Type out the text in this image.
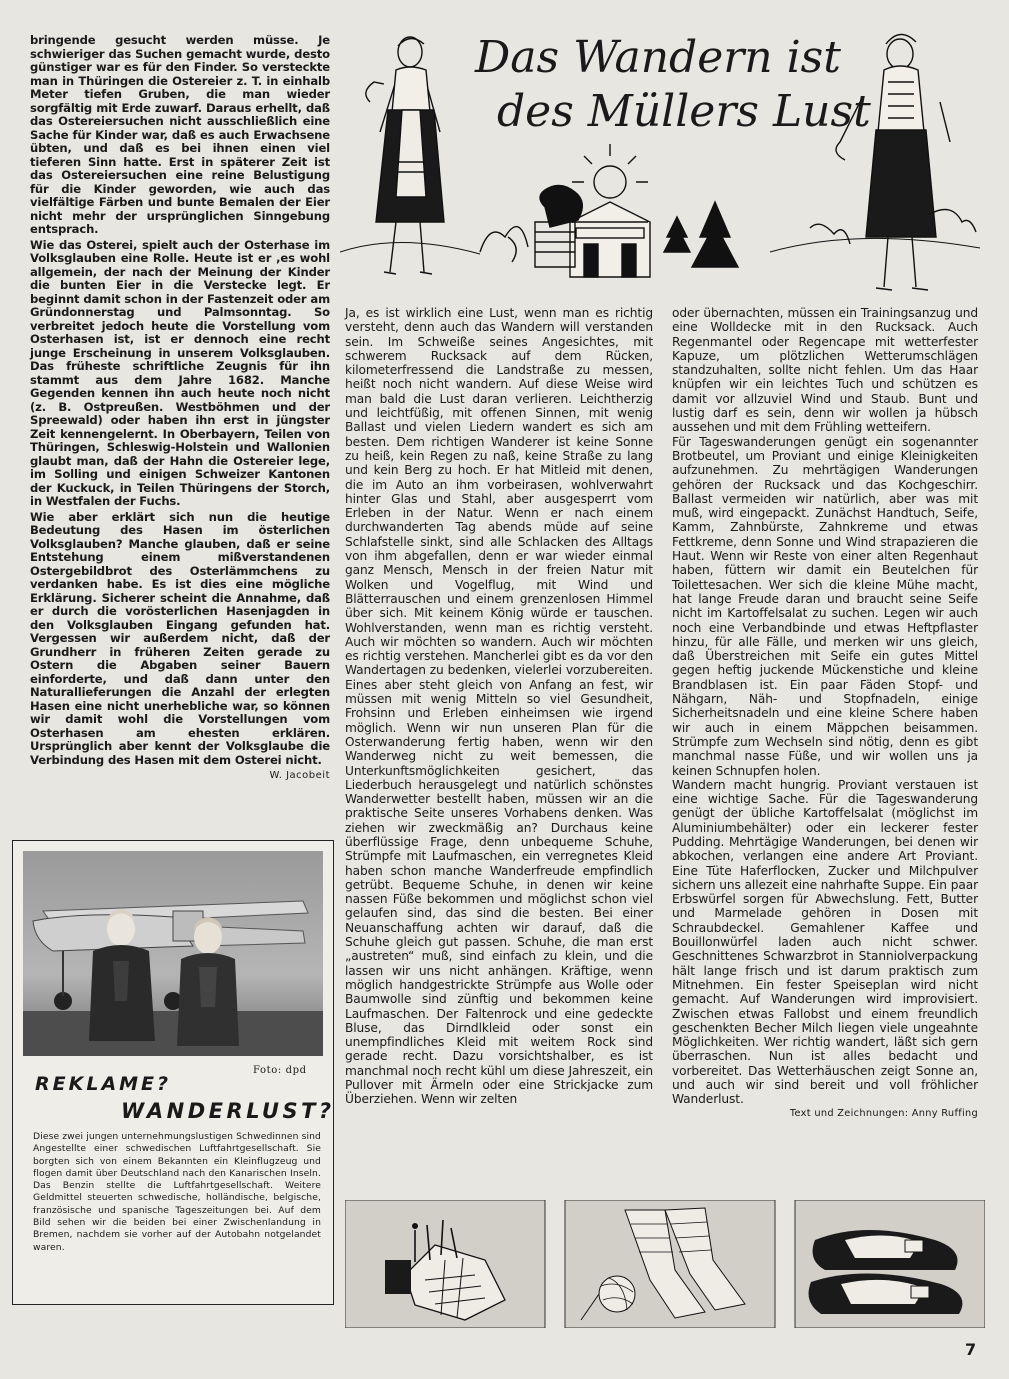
bringende gesucht werden müsse. Je schwieriger das Suchen gemacht wurde, desto günstiger war es für den Finder. So versteckte man in Thüringen die Ostereier z. T. in einhalb Meter tiefen Gruben, die man wieder sorgfältig mit Erde zuwarf. Daraus erhellt, daß das Ostereiersuchen nicht ausschließlich eine Sache für Kinder war, daß es auch Erwachsene übten, und daß es bei ihnen einen viel tieferen Sinn hatte. Erst in späterer Zeit ist das Ostereiersuchen eine reine Belustigung für die Kinder geworden, wie auch das vielfältige Färben und bunte Bemalen der Eier nicht mehr der ursprünglichen Sinngebung entsprach.

Wie das Osterei, spielt auch der Osterhase im Volksglauben eine Rolle. Heute ist er ,es wohl allgemein, der nach der Meinung der Kinder die bunten Eier in die Verstecke legt. Er beginnt damit schon in der Fastenzeit oder am Gründonnerstag und Palmsonntag. So verbreitet jedoch heute die Vorstellung vom Osterhasen ist, ist er dennoch eine recht junge Erscheinung in unserem Volksglauben. Das früheste schriftliche Zeugnis für ihn stammt aus dem Jahre 1682. Manche Gegenden kennen ihn auch heute noch nicht (z. B. Ostpreußen. Westböhmen und der Spreewald) oder haben ihn erst in jüngster Zeit kennengelernt. In Oberbayern, Teilen von Thüringen, Schleswig-Holstein und Wallonien glaubt man, daß der Hahn die Ostereier lege, im Solling und einigen Schweizer Kantonen der Kuckuck, in Teilen Thüringens der Storch, in Westfalen der Fuchs.

Wie aber erklärt sich nun die heutige Bedeutung des Hasen im österlichen Volksglauben? Manche glauben, daß er seine Entstehung einem mißverstandenen Ostergebildbrot des Osterlämmchens zu verdanken habe. Es ist dies eine mögliche Erklärung. Sicherer scheint die Annahme, daß er durch die vorösterlichen Hasenjagden in den Volksglauben Eingang gefunden hat. Vergessen wir außerdem nicht, daß der Grundherr in früheren Zeiten gerade zu Ostern die Abgaben seiner Bauern einforderte, und daß dann unter den Naturallieferungen die Anzahl der erlegten Hasen eine nicht unerhebliche war, so können wir damit wohl die Vorstellungen vom Osterhasen am ehesten erklären. Ursprünglich aber kennt der Volksglaube die Verbindung des Hasen mit dem Osterei nicht.

W. Jacobeit
Foto: dpd
REKLAME?
WANDERLUST?
Diese zwei jungen unternehmungslustigen Schwedinnen sind Angestellte einer schwedischen Luftfahrtgesellschaft. Sie borgten sich von einem Bekannten ein Kleinflugzeug und flogen damit über Deutschland nach den Kanarischen Inseln. Das Benzin stellte die Luftfahrtgesellschaft. Weitere Geldmittel steuerten schwedische, holländische, belgische, französische und spanische Tageszeitungen bei. Auf dem Bild sehen wir die beiden bei einer Zwischenlandung in Bremen, nachdem sie vorher auf der Autobahn notgelandet waren.
Das Wandern ist
des Müllers Lust

Ja, es ist wirklich eine Lust, wenn man es richtig versteht, denn auch das Wandern will verstanden sein. Im Schweiße seines Angesichtes, mit schwerem Rucksack auf dem Rücken, kilometerfressend die Landstraße zu messen, heißt noch nicht wandern. Auf diese Weise wird man bald die Lust daran verlieren. Leichtherzig und leichtfüßig, mit offenen Sinnen, mit wenig Ballast und vielen Liedern wandert es sich am besten. Dem richtigen Wanderer ist keine Sonne zu heiß, kein Regen zu naß, keine Straße zu lang und kein Berg zu hoch. Er hat Mitleid mit denen, die im Auto an ihm vorbeirasen, wohlverwahrt hinter Glas und Stahl, aber ausgesperrt vom Erleben in der Natur. Wenn er nach einem durchwanderten Tag abends müde auf seine Schlafstelle sinkt, sind alle Schlacken des Alltags von ihm abgefallen, denn er war wieder einmal ganz Mensch, Mensch in der freien Natur mit Wolken und Vogelflug, mit Wind und Blätterrauschen und einem grenzenlosen Himmel über sich. Mit keinem König würde er tauschen. Wohlverstanden, wenn man es richtig versteht. Auch wir möchten so wandern. Auch wir möchten es richtig verstehen. Mancherlei gibt es da vor den Wandertagen zu bedenken, vielerlei vorzubereiten. Eines aber steht gleich von Anfang an fest, wir müssen mit wenig Mitteln so viel Gesundheit, Frohsinn und Erleben einheimsen wie irgend möglich. Wenn wir nun unseren Plan für die Osterwanderung fertig haben, wenn wir den Wanderweg nicht zu weit bemessen, die Unterkunftsmöglichkeiten gesichert, das Liederbuch herausgelegt und natürlich schönstes Wanderwetter bestellt haben, müssen wir an die praktische Seite unseres Vorhabens denken. Was ziehen wir zweckmäßig an? Durchaus keine überflüssige Frage, denn unbequeme Schuhe, Strümpfe mit Laufmaschen, ein verregnetes Kleid haben schon manche Wanderfreude empfindlich getrübt. Bequeme Schuhe, in denen wir keine nassen Füße bekommen und möglichst schon viel gelaufen sind, das sind die besten. Bei einer Neuanschaffung achten wir darauf, daß die Schuhe gleich gut passen. Schuhe, die man erst „austreten“ muß, sind einfach zu klein, und die lassen wir uns nicht anhängen. Kräftige, wenn möglich handgestrickte Strümpfe aus Wolle oder Baumwolle sind zünftig und bekommen keine Laufmaschen. Der Faltenrock und eine gedeckte Bluse, das Dirndlkleid oder sonst ein unempfindliches Kleid mit weitem Rock sind gerade recht. Dazu vorsichtshalber, es ist manchmal noch recht kühl um diese Jahreszeit, ein Pullover mit Ärmeln oder eine Strickjacke zum Überziehen. Wenn wir zelten

oder übernachten, müssen ein Trainingsanzug und eine Wolldecke mit in den Rucksack. Auch Regenmantel oder Regencape mit wetterfester Kapuze, um plötzlichen Wetterumschlägen standzuhalten, sollte nicht fehlen. Um das Haar knüpfen wir ein leichtes Tuch und schützen es damit vor allzuviel Wind und Staub. Bunt und lustig darf es sein, denn wir wollen ja hübsch aussehen und mit dem Frühling wetteifern.

Für Tageswanderungen genügt ein sogenannter Brotbeutel, um Proviant und einige Kleinigkeiten aufzunehmen. Zu mehrtägigen Wanderungen gehören der Rucksack und das Kochgeschirr. Ballast vermeiden wir natürlich, aber was mit muß, wird eingepackt. Zunächst Handtuch, Seife, Kamm, Zahnbürste, Zahnkreme und etwas Fettkreme, denn Sonne und Wind strapazieren die Haut. Wenn wir Reste von einer alten Regenhaut haben, füttern wir damit ein Beutelchen für Toilettesachen. Wer sich die kleine Mühe macht, hat lange Freude daran und braucht seine Seife nicht im Kartoffelsalat zu suchen. Legen wir auch noch eine Verbandbinde und etwas Heftpflaster hinzu, für alle Fälle, und merken wir uns gleich, daß Überstreichen mit Seife ein gutes Mittel gegen heftig juckende Mückenstiche und kleine Brandblasen ist. Ein paar Fäden Stopf- und Nähgarn, Näh- und Stopfnadeln, einige Sicherheitsnadeln und eine kleine Schere haben wir auch in einem Mäppchen beisammen. Strümpfe zum Wechseln sind nötig, denn es gibt manchmal nasse Füße, und wir wollen uns ja keinen Schnupfen holen.

Wandern macht hungrig. Proviant verstauen ist eine wichtige Sache. Für die Tageswanderung genügt der übliche Kartoffelsalat (möglichst im Aluminiumbehälter) oder ein leckerer fester Pudding. Mehrtägige Wanderungen, bei denen wir abkochen, verlangen eine andere Art Proviant. Eine Tüte Haferflocken, Zucker und Milchpulver sichern uns allezeit eine nahrhafte Suppe. Ein paar Erbswürfel sorgen für Abwechslung. Fett, Butter und Marmelade gehören in Dosen mit Schraubdeckel. Gemahlener Kaffee und Bouillonwürfel laden auch nicht schwer. Geschnittenes Schwarzbrot in Stanniolverpackung hält lange frisch und ist darum praktisch zum Mitnehmen. Ein fester Speiseplan wird nicht gemacht. Auf Wanderungen wird improvisiert. Zwischen etwas Fallobst und einem freundlich geschenkten Becher Milch liegen viele ungeahnte Möglichkeiten. Wer richtig wandert, läßt sich gern überraschen. Nun ist alles bedacht und vorbereitet. Das Wetterhäuschen zeigt Sonne an, und auch wir sind bereit und voll fröhlicher Wanderlust.

Text und Zeichnungen: Anny Ruffing
7
